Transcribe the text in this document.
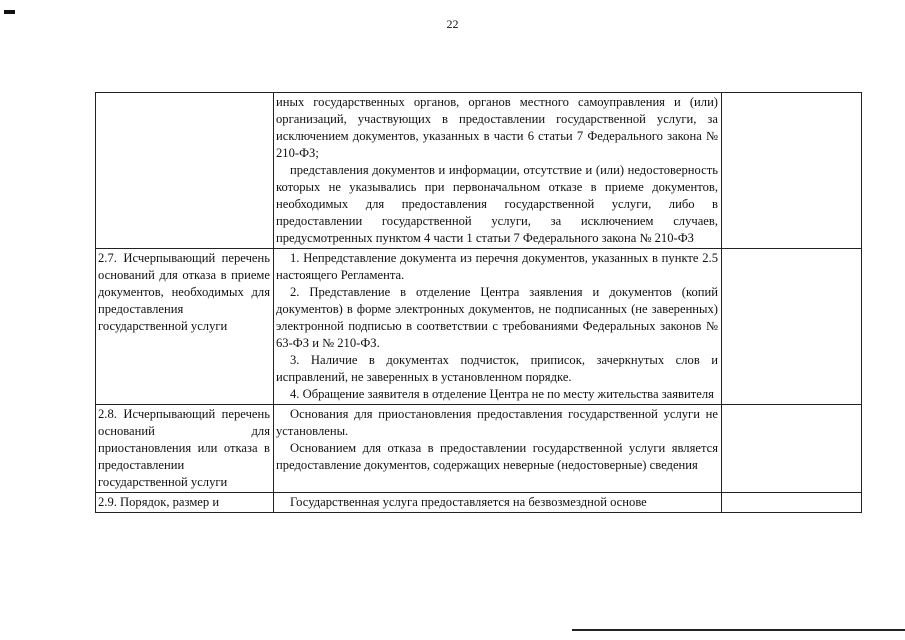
22

	иных государственных органов, органов местного самоуправления и (или) организаций, участвующих в предоставлении государственной услуги, за исключением документов, указанных в части 6 статьи 7 Федерального закона № 210-ФЗ;

представления документов и информации, отсутствие и (или) недостоверность которых не указывались при первоначальном отказе в приеме документов, необходимых для предоставления государственной услуги, либо в предоставлении государственной услуги, за исключением случаев, предусмотренных пунктом 4 части 1 статьи 7 Федерального закона № 210-ФЗ	

2.7. Исчерпывающий перечень оснований для отказа в приеме документов, необходимых для предоставления государственной услуги	1. Непредставление документа из перечня документов, указанных в пункте 2.5 настоящего Регламента.

2. Представление в отделение Центра заявления и документов (копий документов) в форме электронных документов, не подписанных (не заверенных) электронной подписью в соответствии с требованиями Федеральных законов № 63-ФЗ и № 210-ФЗ.

3. Наличие в документах подчисток, приписок, зачеркнутых слов и исправлений, не заверенных в установленном порядке.

4. Обращение заявителя в отделение Центра не по месту жительства заявителя	

2.8. Исчерпывающий перечень оснований для приостановления или отказа в предоставлении государственной услуги	Основания для приостановления предоставления государственной услуги не установлены.

Основанием для отказа в предоставлении государственной услуги является предоставление документов, содержащих неверные (недостоверные) сведения	

2.9. Порядок, размер и	Государственная услуга предоставляется на безвозмездной основе	
